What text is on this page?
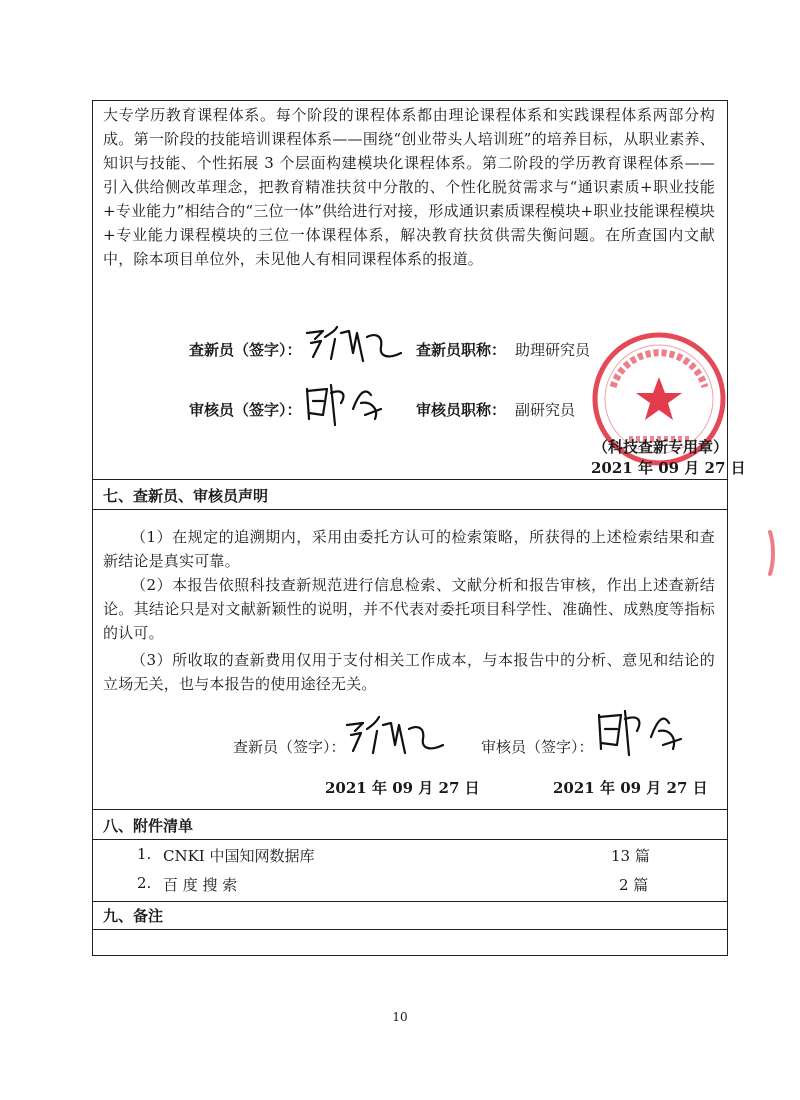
大专学历教育课程体系。每个阶段的课程体系都由理论课程体系和实践课程体系两部分构成。第一阶段的技能培训课程体系——围绕“创业带头人培训班”的培养目标，从职业素养、知识与技能、个性拓展 3 个层面构建模块化课程体系。第二阶段的学历教育课程体系——引入供给侧改革理念，把教育精准扶贫中分散的、个性化脱贫需求与“通识素质+职业技能+专业能力”相结合的“三位一体”供给进行对接，形成通识素质课程模块+职业技能课程模块+专业能力课程模块的三位一体课程体系，解决教育扶贫供需失衡问题。在所查国内文献中，除本项目单位外，未见他人有相同课程体系的报道。
查新员（签字）：	查新员职称： 助理研究员
审核员（签字）：	审核员职称： 副研究员
（科技查新专用章）
2021 年 09 月 27 日
七、查新员、审核员声明
（1）在规定的追溯期内，采用由委托方认可的检索策略，所获得的上述检索结果和查新结论是真实可靠。
（2）本报告依照科技查新规范进行信息检索、文献分析和报告审核，作出上述查新结论。其结论只是对文献新颖性的说明，并不代表对委托项目科学性、准确性、成熟度等指标的认可。
（3）所收取的查新费用仅用于支付相关工作成本，与本报告中的分析、意见和结论的立场无关，也与本报告的使用途径无关。
查新员（签字）：	审核员（签字）：
2021 年 09 月 27 日	2021 年 09 月 27 日
八、附件清单
1. CNKI 中国知网数据库	13 篇
2. 百 度 搜 索	2 篇
九、备注
10
